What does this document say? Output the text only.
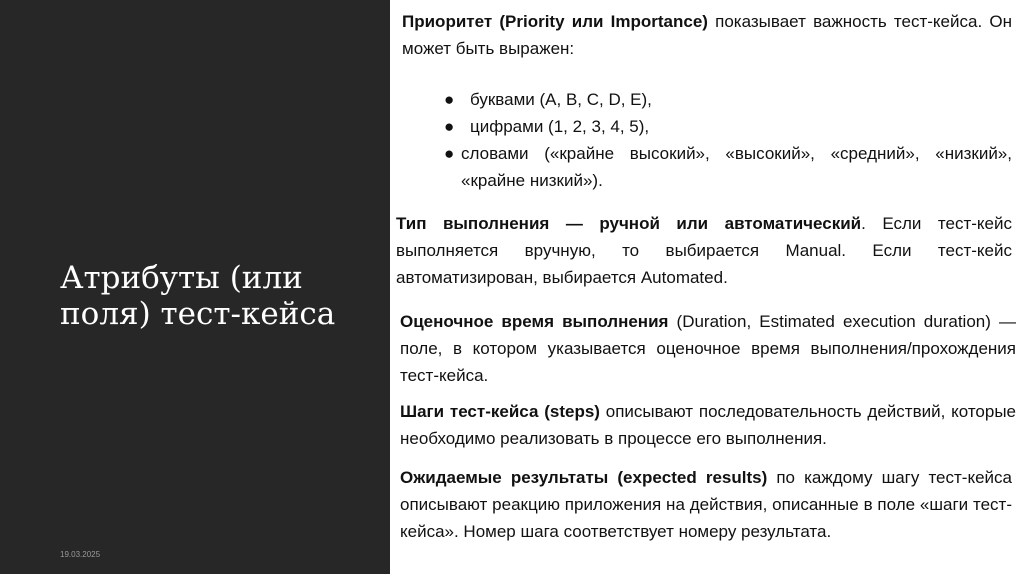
Атрибуты (или поля) тест-кейса
19.03.2025

Приоритет (Priority или Importance) показывает важность тест-кейса. Он может быть выражен:

● буквами (A, B, C, D, E),
● цифрами (1, 2, 3, 4, 5),
● словами («крайне высокий», «высокий», «средний», «низкий», «крайне низкий»).

Тип выполнения — ручной или автоматический. Если тест-кейс выполняется вручную, то выбирается Manual. Если тест-кейс автоматизирован, выбирается Automated.

Оценочное время выполнения (Duration, Estimated execution duration) — поле, в котором указывается оценочное время выполнения/прохождения тест-кейса.

Шаги тест-кейса (steps) описывают последовательность действий, которые необходимо реализовать в процессе его выполнения.

Ожидаемые результаты (expected results) по каждому шагу тест-кейса описывают реакцию приложения на действия, описанные в поле «шаги тест-кейса». Номер шага соответствует номеру результата.
